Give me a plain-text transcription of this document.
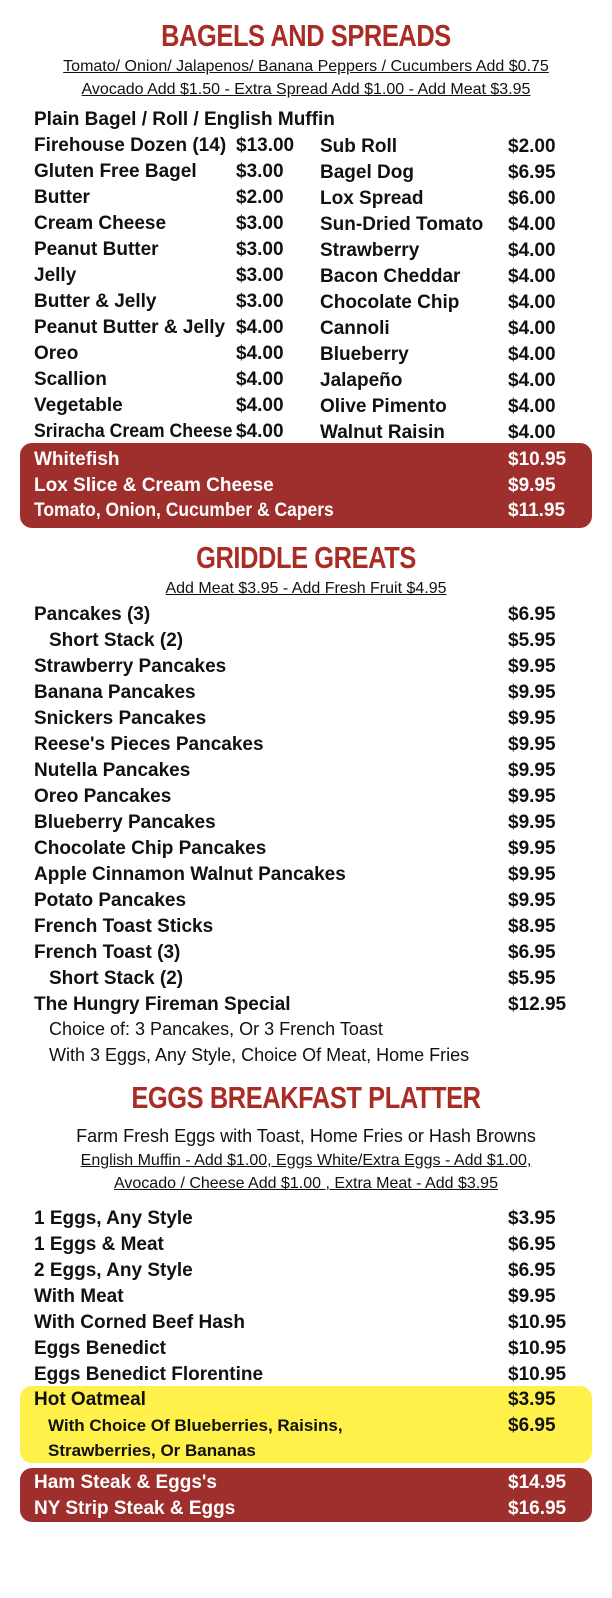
BAGELS AND SPREADS
Tomato/ Onion/ Jalapenos/ Banana Peppers / Cucumbers Add $0.75
Avocado Add $1.50 - Extra Spread Add $1.00 - Add Meat $3.95
Plain Bagel / Roll / English Muffin
Firehouse Dozen (14) $13.00
Gluten Free Bagel $3.00
Butter	$2.00
Cream Cheese	$3.00
Peanut Butter	$3.00
Jelly	$3.00
Butter & Jelly	$3.00
Peanut Butter & Jelly $4.00
Oreo	$4.00
Scallion	$4.00
Vegetable	$4.00
Sriracha Cream Cheese $4.00
Sub Roll	$2.00
Bagel Dog	$6.95
Lox Spread	$6.00
Sun-Dried Tomato $4.00
Strawberry	$4.00
Bacon Cheddar	$4.00
Chocolate Chip	$4.00
Cannoli	$4.00
Blueberry	$4.00
Jalapeño	$4.00
Olive Pimento	$4.00
Walnut Raisin	$4.00
Whitefish	$10.95
Lox Slice & Cream Cheese	$9.95
Tomato, Onion, Cucumber & Capers	$11.95
GRIDDLE GREATS
Add Meat $3.95 - Add Fresh Fruit $4.95
Pancakes (3)	$6.95
Short Stack (2)	$5.95
Strawberry Pancakes	$9.95
Banana Pancakes	$9.95
Snickers Pancakes	$9.95
Reese's Pieces Pancakes	$9.95
Nutella Pancakes	$9.95
Oreo Pancakes	$9.95
Blueberry Pancakes	$9.95
Chocolate Chip Pancakes	$9.95
Apple Cinnamon Walnut Pancakes	$9.95
Potato Pancakes	$9.95
French Toast Sticks	$8.95
French Toast (3)	$6.95
Short Stack (2)	$5.95
The Hungry Fireman Special	$12.95
Choice of: 3 Pancakes, Or 3 French Toast
With 3 Eggs, Any Style, Choice Of Meat, Home Fries
EGGS BREAKFAST PLATTER
Farm Fresh Eggs with Toast, Home Fries or Hash Browns
English Muffin - Add $1.00, Eggs White/Extra Eggs - Add $1.00,
Avocado / Cheese Add $1.00 , Extra Meat - Add $3.95
1 Eggs, Any Style	$3.95
1 Eggs & Meat	$6.95
2 Eggs, Any Style	$6.95
With Meat	$9.95
With Corned Beef Hash	$10.95
Eggs Benedict	$10.95
Eggs Benedict Florentine	$10.95
Hot Oatmeal	$3.95
With Choice Of Blueberries, Raisins,	$6.95
Strawberries, Or Bananas
Ham Steak & Eggs's	$14.95
NY Strip Steak & Eggs	$16.95
